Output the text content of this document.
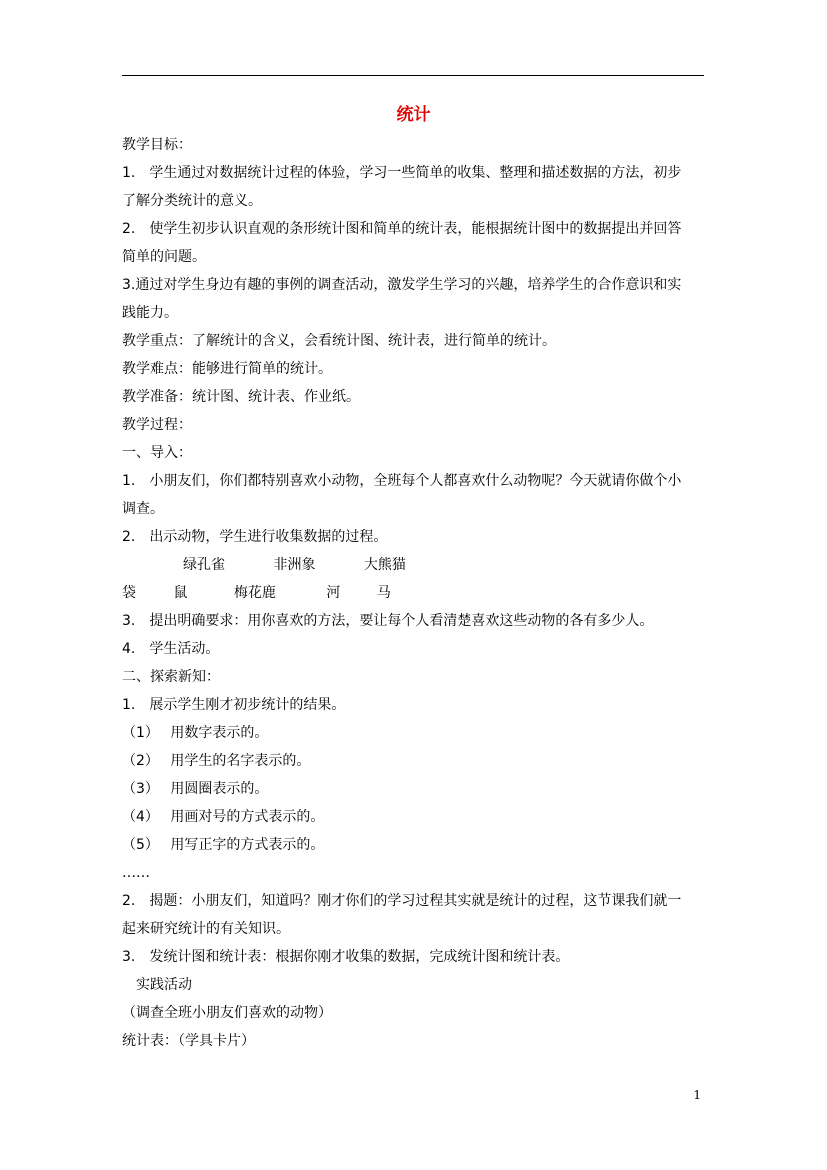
统计
教学目标：
1.　学生通过对数据统计过程的体验，学习一些简单的收集、整理和描述数据的方法，初步
了解分类统计的意义。
2.　使学生初步认识直观的条形统计图和简单的统计表，能根据统计图中的数据提出并回答
简单的问题。
3.通过对学生身边有趣的事例的调查活动，激发学生学习的兴趣，培养学生的合作意识和实
践能力。
教学重点：了解统计的含义，会看统计图、统计表，进行简单的统计。
教学难点：能够进行简单的统计。
教学准备：统计图、统计表、作业纸。
教学过程：
一、导入：
1.　小朋友们，你们都特别喜欢小动物，全班每个人都喜欢什么动物呢？今天就请你做个小
调查。
2.　出示动物，学生进行收集数据的过程。
绿孔雀	非洲象	大熊猫
袋	鼠	梅花鹿	河	马
3.　提出明确要求：用你喜欢的方法，要让每个人看清楚喜欢这些动物的各有多少人。
4.　学生活动。
二、探索新知：
1.　展示学生刚才初步统计的结果。
（1）　 用数字表示的。
（2）　 用学生的名字表示的。
（3）　 用圆圈表示的。
（4）　 用画对号的方式表示的。
（5）　 用写正字的方式表示的。
……
2.　揭题：小朋友们，知道吗？刚才你们的学习过程其实就是统计的过程，这节课我们就一
起来研究统计的有关知识。
3.　发统计图和统计表：根据你刚才收集的数据，完成统计图和统计表。
实践活动
（调查全班小朋友们喜欢的动物）
统计表：（学具卡片）
1
